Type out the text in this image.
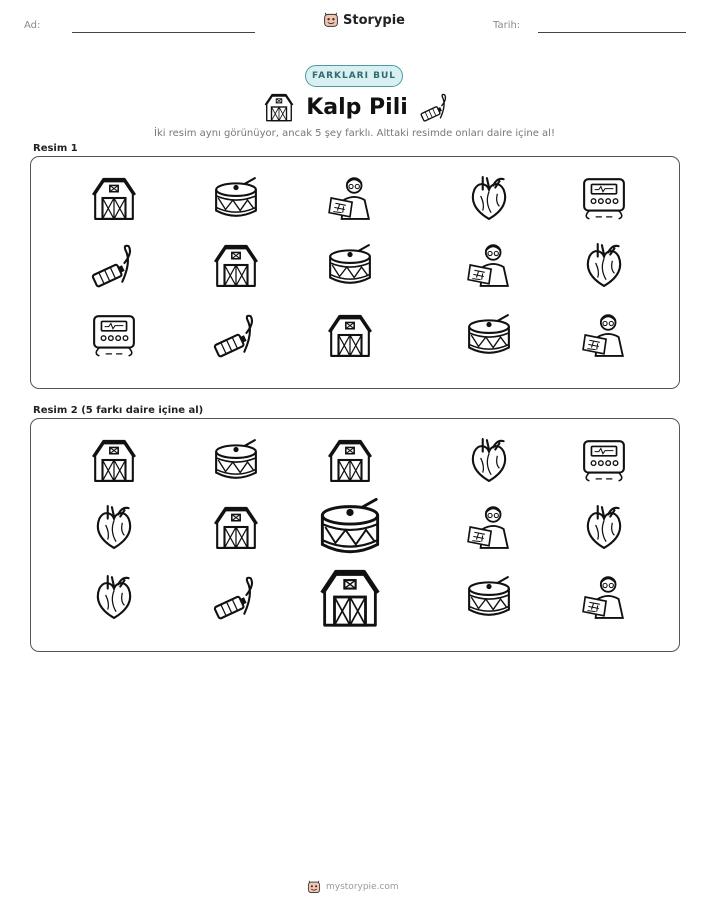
Ad:	Storypie	Tarih:
FARKLARI BUL
Kalp Pili
İki resim aynı görünüyor, ancak 5 şey farklı. Alttaki resimde onları daire içine al!
Resim 1
Resim 2 (5 farkı daire içine al)
mystorypie.com
